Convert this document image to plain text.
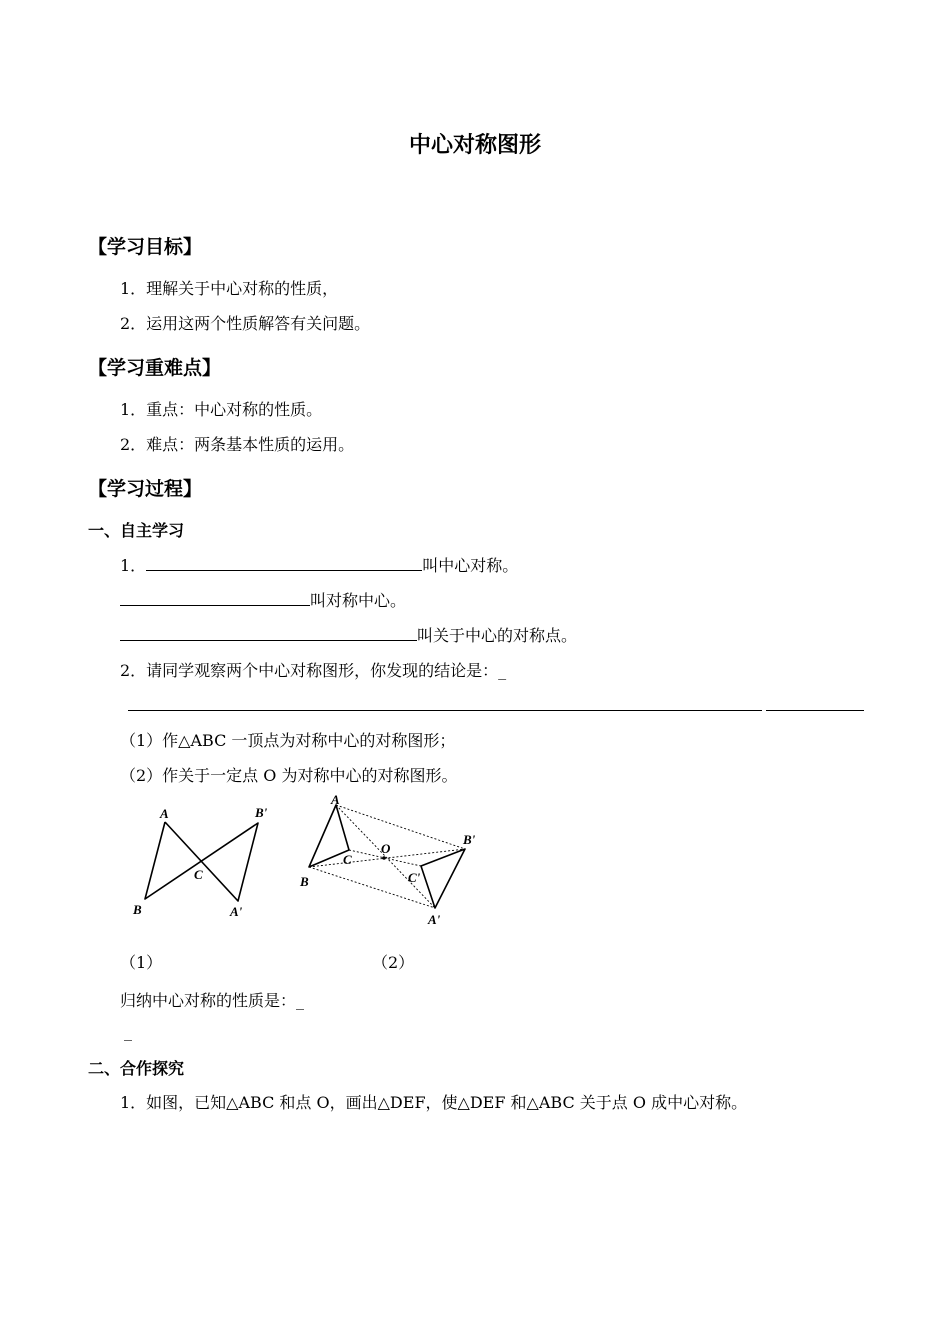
中心对称图形
【学习目标】
1．理解关于中心对称的性质，
2．运用这两个性质解答有关问题。
【学习重难点】
1．重点：中心对称的性质。
2．难点：两条基本性质的运用。
【学习过程】
一、自主学习
1．	叫中心对称。
叫对称中心。
叫关于中心的对称点。
2．请同学观察两个中心对称图形，你发现的结论是：_
（1）作△ABC 一顶点为对称中心的对称图形；
（2）作关于一定点 O 为对称中心的对称图形。
A
B
C
A'
B'
A
B
C
O
A'
B'
C'
（1）	（2）
归纳中心对称的性质是：_
_
二、合作探究
1．如图，已知△ABC 和点 O，画出△DEF，使△DEF 和△ABC 关于点 O 成中心对称。
